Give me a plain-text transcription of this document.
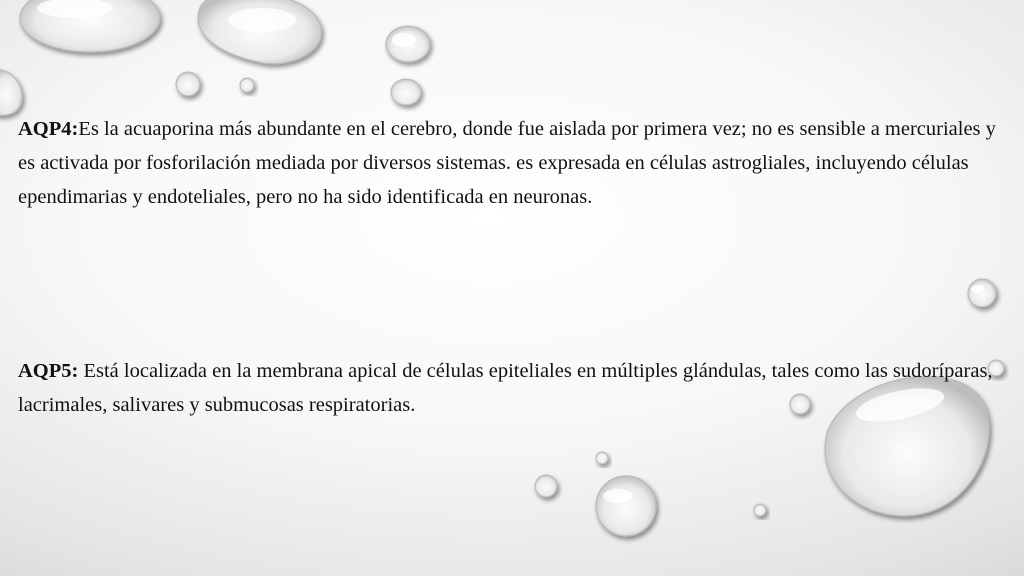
AQP4:Es la acuaporina más abundante en el cerebro, donde fue aislada por primera vez; no es sensible a mercuriales y es activada por fosforilación mediada por diversos sistemas. es expresada en células astrogliales, incluyendo células ependimarias y endoteliales, pero no ha sido identificada en neuronas.

AQP5: Está localizada en la membrana apical de células epiteliales en múltiples glándulas, tales como las sudoríparas, lacrimales, salivares y submucosas respiratorias.
